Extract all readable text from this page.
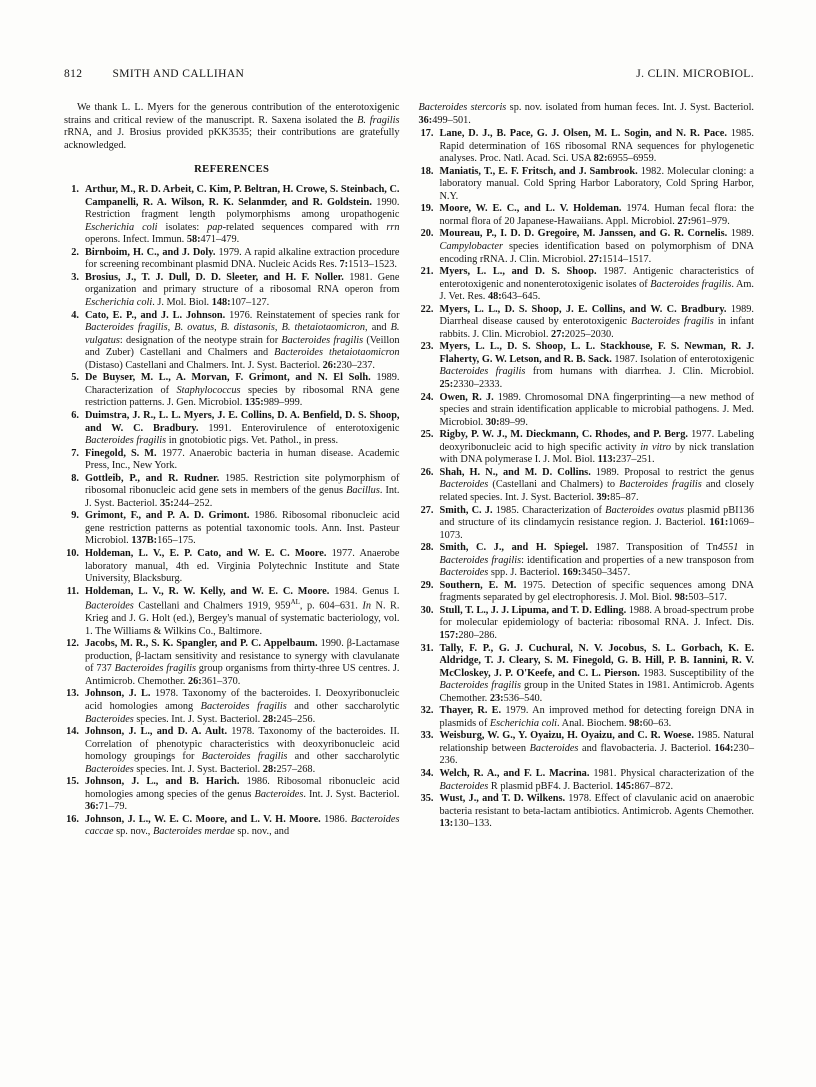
812	SMITH AND CALLIHAN	J. CLIN. MICROBIOL.

We thank L. L. Myers for the generous contribution of the enterotoxigenic strains and critical review of the manuscript. R. Saxena isolated the B. fragilis rRNA, and J. Brosius provided pKK3535; their contributions are gratefully acknowledged.

REFERENCES
1. Arthur, M., R. D. Arbeit, C. Kim, P. Beltran, H. Crowe, S. Steinbach, C. Campanelli, R. A. Wilson, R. K. Selanmder, and R. Goldstein. 1990. Restriction fragment length polymorphisms among uropathogenic Escherichia coli isolates: pap-related sequences compared with rrn operons. Infect. Immun. 58:471–479.
2. Birnboim, H. C., and J. Doly. 1979. A rapid alkaline extraction procedure for screening recombinant plasmid DNA. Nucleic Acids Res. 7:1513–1523.
3. Brosius, J., T. J. Dull, D. D. Sleeter, and H. F. Noller. 1981. Gene organization and primary structure of a ribosomal RNA operon from Escherichia coli. J. Mol. Biol. 148:107–127.
4. Cato, E. P., and J. L. Johnson. 1976. Reinstatement of species rank for Bacteroides fragilis, B. ovatus, B. distasonis, B. thetaiotaomicron, and B. vulgatus: designation of the neotype strain for Bacteroides fragilis (Veillon and Zuber) Castellani and Chalmers and Bacteroides thetaiotaomicron (Distaso) Castellani and Chalmers. Int. J. Syst. Bacteriol. 26:230–237.
5. De Buyser, M. L., A. Morvan, F. Grimont, and N. El Solh. 1989. Characterization of Staphylococcus species by ribosomal RNA gene restriction patterns. J. Gen. Microbiol. 135:989–999.
6. Duimstra, J. R., L. L. Myers, J. E. Collins, D. A. Benfield, D. S. Shoop, and W. C. Bradbury. 1991. Enterovirulence of enterotoxigenic Bacteroides fragilis in gnotobiotic pigs. Vet. Pathol., in press.
7. Finegold, S. M. 1977. Anaerobic bacteria in human disease. Academic Press, Inc., New York.
8. Gottleib, P., and R. Rudner. 1985. Restriction site polymorphism of ribosomal ribonucleic acid gene sets in members of the genus Bacillus. Int. J. Syst. Bacteriol. 35:244–252.
9. Grimont, F., and P. A. D. Grimont. 1986. Ribosomal ribonucleic acid gene restriction patterns as potential taxonomic tools. Ann. Inst. Pasteur Microbiol. 137B:165–175.
10. Holdeman, L. V., E. P. Cato, and W. E. C. Moore. 1977. Anaerobe laboratory manual, 4th ed. Virginia Polytechnic Institute and State University, Blacksburg.
11. Holdeman, L. V., R. W. Kelly, and W. E. C. Moore. 1984. Genus I. Bacteroides Castellani and Chalmers 1919, $959^{AL}$, p. 604–631. In N. R. Krieg and J. G. Holt (ed.), Bergey's manual of systematic bacteriology, vol. 1. The Williams & Wilkins Co., Baltimore.
12. Jacobs, M. R., S. K. Spangler, and P. C. Appelbaum. 1990. β-Lactamase production, β-lactam sensitivity and resistance to synergy with clavulanate of 737 Bacteroides fragilis group organisms from thirty-three US centres. J. Antimicrob. Chemother. 26:361–370.
13. Johnson, J. L. 1978. Taxonomy of the bacteroides. I. Deoxyribonucleic acid homologies among Bacteroides fragilis and other saccharolytic Bacteroides species. Int. J. Syst. Bacteriol. 28:245–256.
14. Johnson, J. L., and D. A. Ault. 1978. Taxonomy of the bacteroides. II. Correlation of phenotypic characteristics with deoxyribonucleic acid homology groupings for Bacteroides fragilis and other saccharolytic Bacteroides species. Int. J. Syst. Bacteriol. 28:257–268.
15. Johnson, J. L., and B. Harich. 1986. Ribosomal ribonucleic acid homologies among species of the genus Bacteroides. Int. J. Syst. Bacteriol. 36:71–79.
16. Johnson, J. L., W. E. C. Moore, and L. V. H. Moore. 1986. Bacteroides caccae sp. nov., Bacteroides merdae sp. nov., and

Bacteroides stercoris sp. nov. isolated from human feces. Int. J. Syst. Bacteriol. 36:499–501.

17. Lane, D. J., B. Pace, G. J. Olsen, M. L. Sogin, and N. R. Pace. 1985. Rapid determination of 16S ribosomal RNA sequences for phylogenetic analyses. Proc. Natl. Acad. Sci. USA 82:6955–6959.
18. Maniatis, T., E. F. Fritsch, and J. Sambrook. 1982. Molecular cloning: a laboratory manual. Cold Spring Harbor Laboratory, Cold Spring Harbor, N.Y.
19. Moore, W. E. C., and L. V. Holdeman. 1974. Human fecal flora: the normal flora of 20 Japanese-Hawaiians. Appl. Microbiol. 27:961–979.
20. Moureau, P., I. D. D. Gregoire, M. Janssen, and G. R. Cornelis. 1989. Campylobacter species identification based on polymorphism of DNA encoding rRNA. J. Clin. Microbiol. 27:1514–1517.
21. Myers, L. L., and D. S. Shoop. 1987. Antigenic characteristics of enterotoxigenic and nonenterotoxigenic isolates of Bacteroides fragilis. Am. J. Vet. Res. 48:643–645.
22. Myers, L. L., D. S. Shoop, J. E. Collins, and W. C. Bradbury. 1989. Diarrheal disease caused by enterotoxigenic Bacteroides fragilis in infant rabbits. J. Clin. Microbiol. 27:2025–2030.
23. Myers, L. L., D. S. Shoop, L. L. Stackhouse, F. S. Newman, R. J. Flaherty, G. W. Letson, and R. B. Sack. 1987. Isolation of enterotoxigenic Bacteroides fragilis from humans with diarrhea. J. Clin. Microbiol. 25:2330–2333.
24. Owen, R. J. 1989. Chromosomal DNA fingerprinting—a new method of species and strain identification applicable to microbial pathogens. J. Med. Microbiol. 30:89–99.
25. Rigby, P. W. J., M. Dieckmann, C. Rhodes, and P. Berg. 1977. Labeling deoxyribonucleic acid to high specific activity in vitro by nick translation with DNA polymerase I. J. Mol. Biol. 113:237–251.
26. Shah, H. N., and M. D. Collins. 1989. Proposal to restrict the genus Bacteroides (Castellani and Chalmers) to Bacteroides fragilis and closely related species. Int. J. Syst. Bacteriol. 39:85–87.
27. Smith, C. J. 1985. Characterization of Bacteroides ovatus plasmid pBI136 and structure of its clindamycin resistance region. J. Bacteriol. 161:1069–1073.
28. Smith, C. J., and H. Spiegel. 1987. Transposition of Tn4551 in Bacteroides fragilis: identification and properties of a new transposon from Bacteroides spp. J. Bacteriol. 169:3450–3457.
29. Southern, E. M. 1975. Detection of specific sequences among DNA fragments separated by gel electrophoresis. J. Mol. Biol. 98:503–517.
30. Stull, T. L., J. J. Lipuma, and T. D. Edling. 1988. A broad-spectrum probe for molecular epidemiology of bacteria: ribosomal RNA. J. Infect. Dis. 157:280–286.
31. Tally, F. P., G. J. Cuchural, N. V. Jocobus, S. L. Gorbach, K. E. Aldridge, T. J. Cleary, S. M. Finegold, G. B. Hill, P. B. Iannini, R. V. McCloskey, J. P. O'Keefe, and C. L. Pierson. 1983. Susceptibility of the Bacteroides fragilis group in the United States in 1981. Antimicrob. Agents Chemother. 23:536–540.
32. Thayer, R. E. 1979. An improved method for detecting foreign DNA in plasmids of Escherichia coli. Anal. Biochem. 98:60–63.
33. Weisburg, W. G., Y. Oyaizu, H. Oyaizu, and C. R. Woese. 1985. Natural relationship between Bacteroides and flavobacteria. J. Bacteriol. 164:230–236.
34. Welch, R. A., and F. L. Macrina. 1981. Physical characterization of the Bacteroides R plasmid pBF4. J. Bacteriol. 145:867–872.
35. Wust, J., and T. D. Wilkens. 1978. Effect of clavulanic acid on anaerobic bacteria resistant to beta-lactam antibiotics. Antimicrob. Agents Chemother. 13:130–133.
